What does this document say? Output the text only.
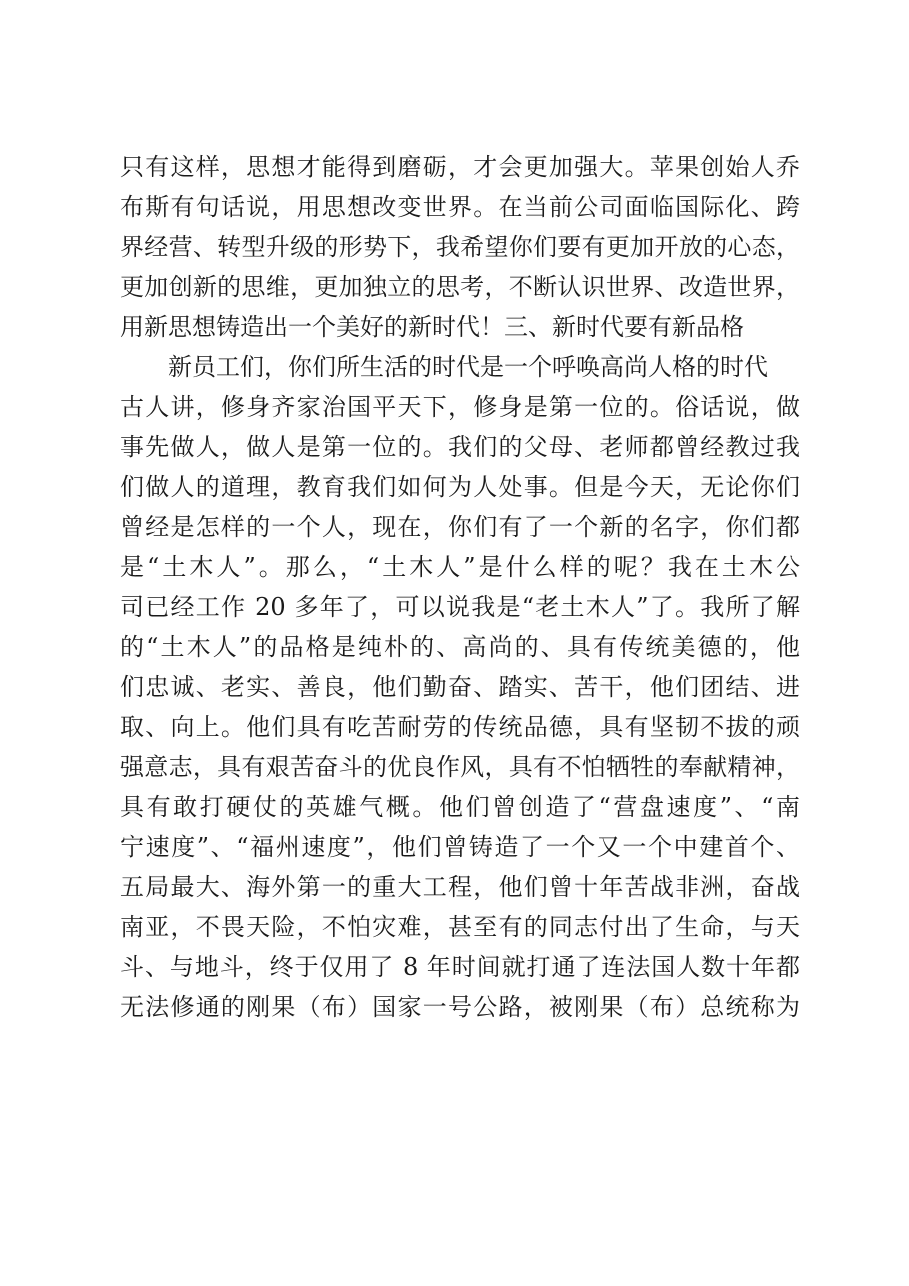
只有这样，思想才能得到磨砺，才会更加强大。苹果创始人乔
布斯有句话说，用思想改变世界。在当前公司面临国际化、跨
界经营、转型升级的形势下，我希望你们要有更加开放的心态，
更加创新的思维，更加独立的思考，不断认识世界、改造世界，
用新思想铸造出一个美好的新时代！三、新时代要有新品格
新员工们，你们所生活的时代是一个呼唤高尚人格的时代
古人讲，修身齐家治国平天下，修身是第一位的。俗话说，做
事先做人，做人是第一位的。我们的父母、老师都曾经教过我
们做人的道理，教育我们如何为人处事。但是今天，无论你们
曾经是怎样的一个人，现在，你们有了一个新的名字，你们都
是“土木人”。那么，“土木人”是什么样的呢？我在土木公
司已经工作 20 多年了，可以说我是“老土木人”了。我所了解
的“土木人”的品格是纯朴的、高尚的、具有传统美德的，他
们忠诚、老实、善良，他们勤奋、踏实、苦干，他们团结、进
取、向上。他们具有吃苦耐劳的传统品德，具有坚韧不拔的顽
强意志，具有艰苦奋斗的优良作风，具有不怕牺牲的奉献精神，
具有敢打硬仗的英雄气概。他们曾创造了“营盘速度”、“南
宁速度”、“福州速度”，他们曾铸造了一个又一个中建首个、
五局最大、海外第一的重大工程，他们曾十年苦战非洲，奋战
南亚，不畏天险，不怕灾难，甚至有的同志付出了生命，与天
斗、与地斗，终于仅用了 8 年时间就打通了连法国人数十年都
无法修通的刚果（布）国家一号公路，被刚果（布）总统称为
